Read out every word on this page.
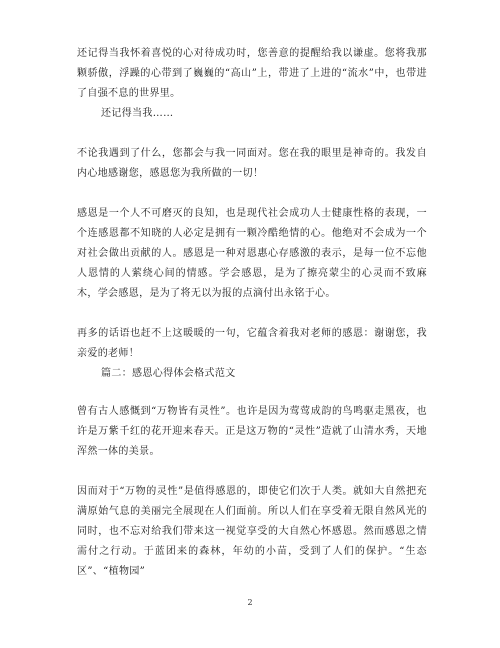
还记得当我怀着喜悦的心对待成功时，您善意的提醒给我以谦虚。您将我那颗骄傲，浮躁的心带到了巍巍的“高山”上，带进了上进的“流水”中，也带进了自强不息的世界里。

还记得当我……

不论我遇到了什么，您都会与我一同面对。您在我的眼里是神奇的。我发自内心地感谢您，感恩您为我所做的一切！

感恩是一个人不可磨灭的良知，也是现代社会成功人士健康性格的表现，一个连感恩都不知晓的人必定是拥有一颗冷酷绝情的心。他绝对不会成为一个对社会做出贡献的人。感恩是一种对恩惠心存感激的表示，是每一位不忘他人恩情的人萦绕心间的情感。学会感恩，是为了擦亮蒙尘的心灵而不致麻木，学会感恩，是为了将无以为报的点滴付出永铭于心。

再多的话语也赶不上这暖暖的一句，它蕴含着我对老师的感恩：谢谢您，我亲爱的老师！

篇二：感恩心得体会格式范文

曾有古人感慨到“万物皆有灵性”。也许是因为莺莺成韵的鸟鸣驱走黑夜，也许是万紫千红的花开迎来春天。正是这万物的“灵性”造就了山清水秀，天地浑然一体的美景。

因而对于“万物的灵性”是值得感恩的，即使它们次于人类。就如大自然把充满原始气息的美丽完全展现在人们面前。所以人们在享受着无限自然风光的同时，也不忘对给我们带来这一视觉享受的大自然心怀感恩。然而感恩之情需付之行动。于蓝团来的森林，年幼的小苗，受到了人们的保护。“生态区”、“植物园”

2
